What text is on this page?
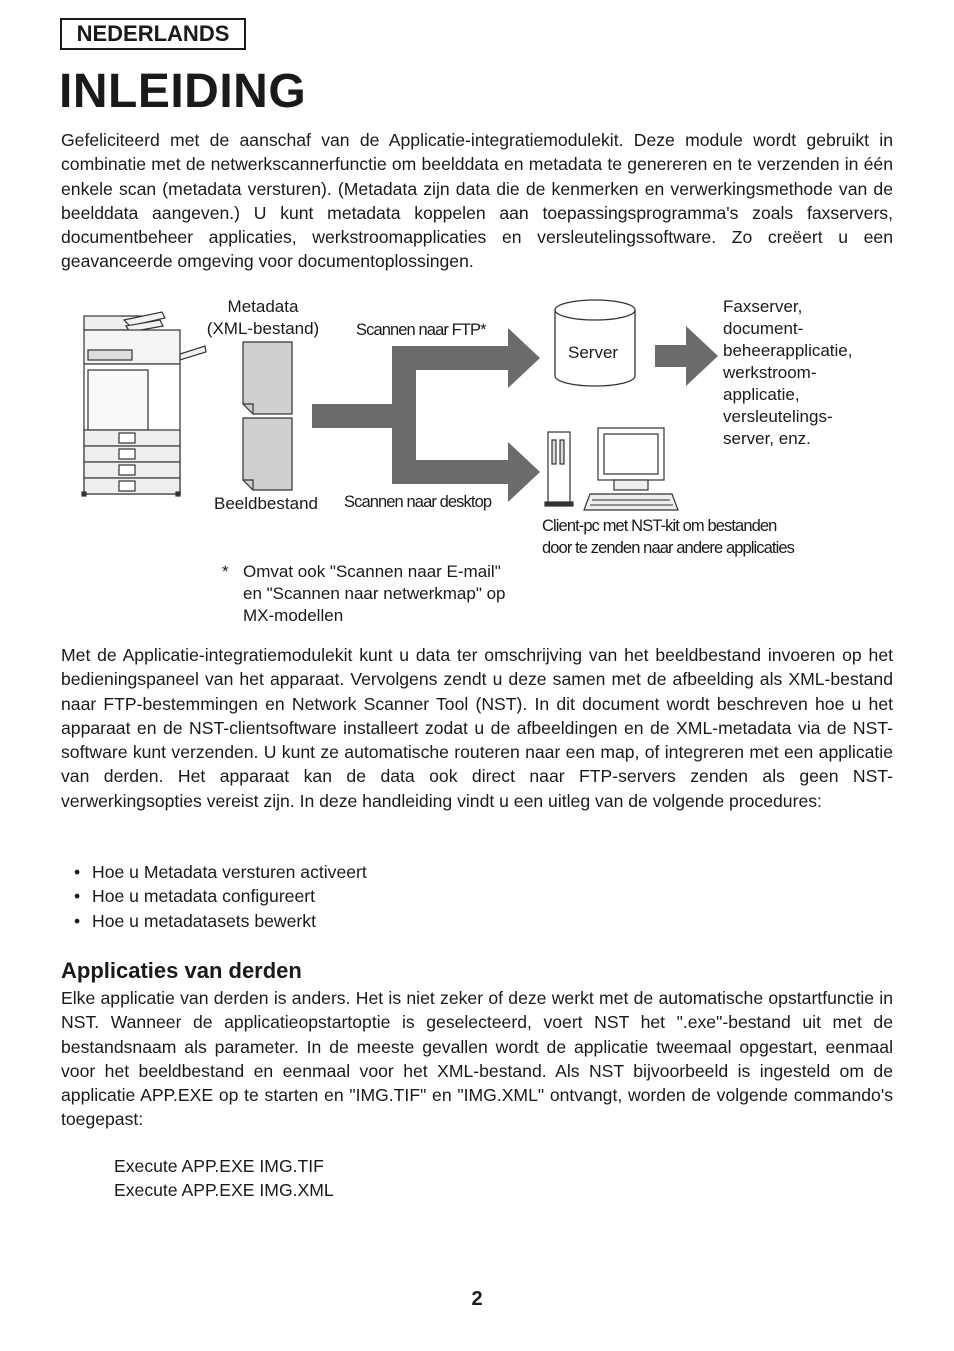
NEDERLANDS
INLEIDING

Gefeliciteerd met de aanschaf van de Applicatie-integratiemodulekit. Deze module wordt gebruikt in combinatie met de netwerkscannerfunctie om beelddata en metadata te genereren en te verzenden in één enkele scan (metadata versturen). (Metadata zijn data die de kenmerken en verwerkingsmethode van de beelddata aangeven.) U kunt metadata koppelen aan toepassingsprogramma's zoals faxservers, documentbeheer applicaties, werkstroomapplicaties en versleutelingssoftware. Zo creëert u een geavanceerde omgeving voor documentoplossingen.

Metadata
(XML-bestand)
Beeldbestand
Scannen naar FTP*
Scannen naar desktop
Server
Faxserver,
document-
beheerapplicatie,
werkstroom-
applicatie,
versleutelings-
server, enz.
Client-pc met NST-kit om bestanden
door te zenden naar andere applicaties
* Omvat ook "Scannen naar E-mail"
en "Scannen naar netwerkmap" op
MX-modellen

Met de Applicatie-integratiemodulekit kunt u data ter omschrijving van het beeldbestand invoeren op het bedieningspaneel van het apparaat. Vervolgens zendt u deze samen met de afbeelding als XML-bestand naar FTP-bestemmingen en Network Scanner Tool (NST). In dit document wordt beschreven hoe u het apparaat en de NST-clientsoftware installeert zodat u de afbeeldingen en de XML-metadata via de NST-software kunt verzenden. U kunt ze automatische routeren naar een map, of integreren met een applicatie van derden. Het apparaat kan de data ook direct naar FTP-servers zenden als geen NST-verwerkingsopties vereist zijn. In deze handleiding vindt u een uitleg van de volgende procedures:

• Hoe u Metadata versturen activeert
• Hoe u metadata configureert
• Hoe u metadatasets bewerkt
Applicaties van derden

Elke applicatie van derden is anders. Het is niet zeker of deze werkt met de automatische opstartfunctie in NST. Wanneer de applicatieopstartoptie is geselecteerd, voert NST het ".exe"-bestand uit met de bestandsnaam als parameter. In de meeste gevallen wordt de applicatie tweemaal opgestart, eenmaal voor het beeldbestand en eenmaal voor het XML-bestand. Als NST bijvoorbeeld is ingesteld om de applicatie APP.EXE op te starten en "IMG.TIF" en "IMG.XML" ontvangt, worden de volgende commando's toegepast:

Execute APP.EXE IMG.TIF
Execute APP.EXE IMG.XML
2
